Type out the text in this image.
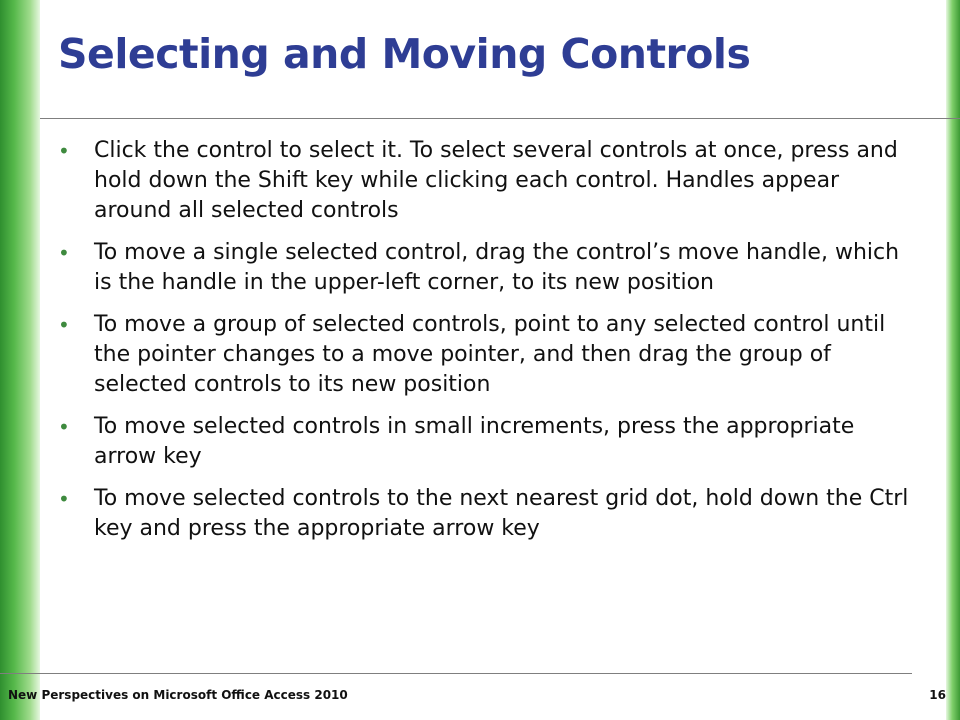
Selecting and Moving Controls
• Click the control to select it. To select several controls at once, press and hold down the Shift key while clicking each control. Handles appear around all selected controls
• To move a single selected control, drag the control’s move handle, which is the handle in the upper-left corner, to its new position
• To move a group of selected controls, point to any selected control until the pointer changes to a move pointer, and then drag the group of selected controls to its new position
• To move selected controls in small increments, press the appropriate arrow key
• To move selected controls to the next nearest grid dot, hold down the Ctrl key and press the appropriate arrow key
New Perspectives on Microsoft Office Access 2010	16
